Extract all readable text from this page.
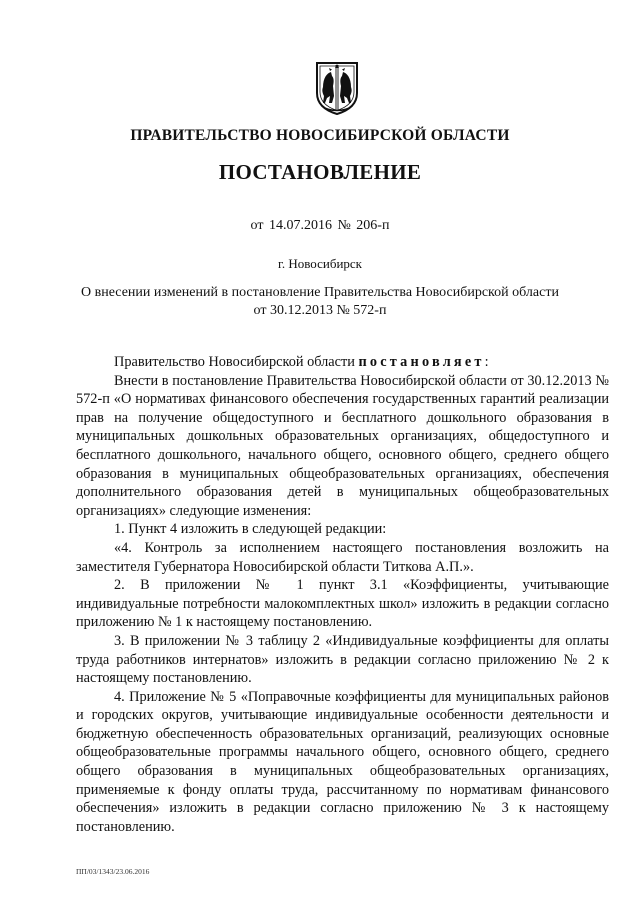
ПРАВИТЕЛЬСТВО НОВОСИБИРСКОЙ ОБЛАСТИ
ПОСТАНОВЛЕНИЕ
от 14.07.2016 № 206-п
г. Новосибирск
О внесении изменений в постановление Правительства Новосибирской области
от 30.12.2013 № 572-п

Правительство Новосибирской области постановляет:

Внести в постановление Правительства Новосибирской области от 30.12.2013 № 572-п «О нормативах финансового обеспечения государственных гарантий реализации прав на получение общедоступного и бесплатного дошкольного образования в муниципальных дошкольных образовательных организациях, общедоступного и бесплатного дошкольного, начального общего, основного общего, среднего общего образования в муниципальных общеобразовательных организациях, обеспечения дополнительного образования детей в муниципальных общеобразовательных организациях» следующие изменения:

1. Пункт 4 изложить в следующей редакции:

«4. Контроль за исполнением настоящего постановления возложить на заместителя Губернатора Новосибирской области Титкова А.П.».

2. В приложении № 1 пункт 3.1 «Коэффициенты, учитывающие индивидуальные потребности малокомплектных школ» изложить в редакции согласно приложению № 1 к настоящему постановлению.

3. В приложении № 3 таблицу 2 «Индивидуальные коэффициенты для оплаты труда работников интернатов» изложить в редакции согласно приложению № 2 к настоящему постановлению.

4. Приложение № 5 «Поправочные коэффициенты для муниципальных районов и городских округов, учитывающие индивидуальные особенности деятельности и бюджетную обеспеченность образовательных организаций, реализующих основные общеобразовательные программы начального общего, основного общего, среднего общего образования в муниципальных общеобразовательных организациях, применяемые к фонду оплаты труда, рассчитанному по нормативам финансового обеспечения» изложить в редакции согласно приложению № 3 к настоящему постановлению.

ПП/03/1343/23.06.2016
